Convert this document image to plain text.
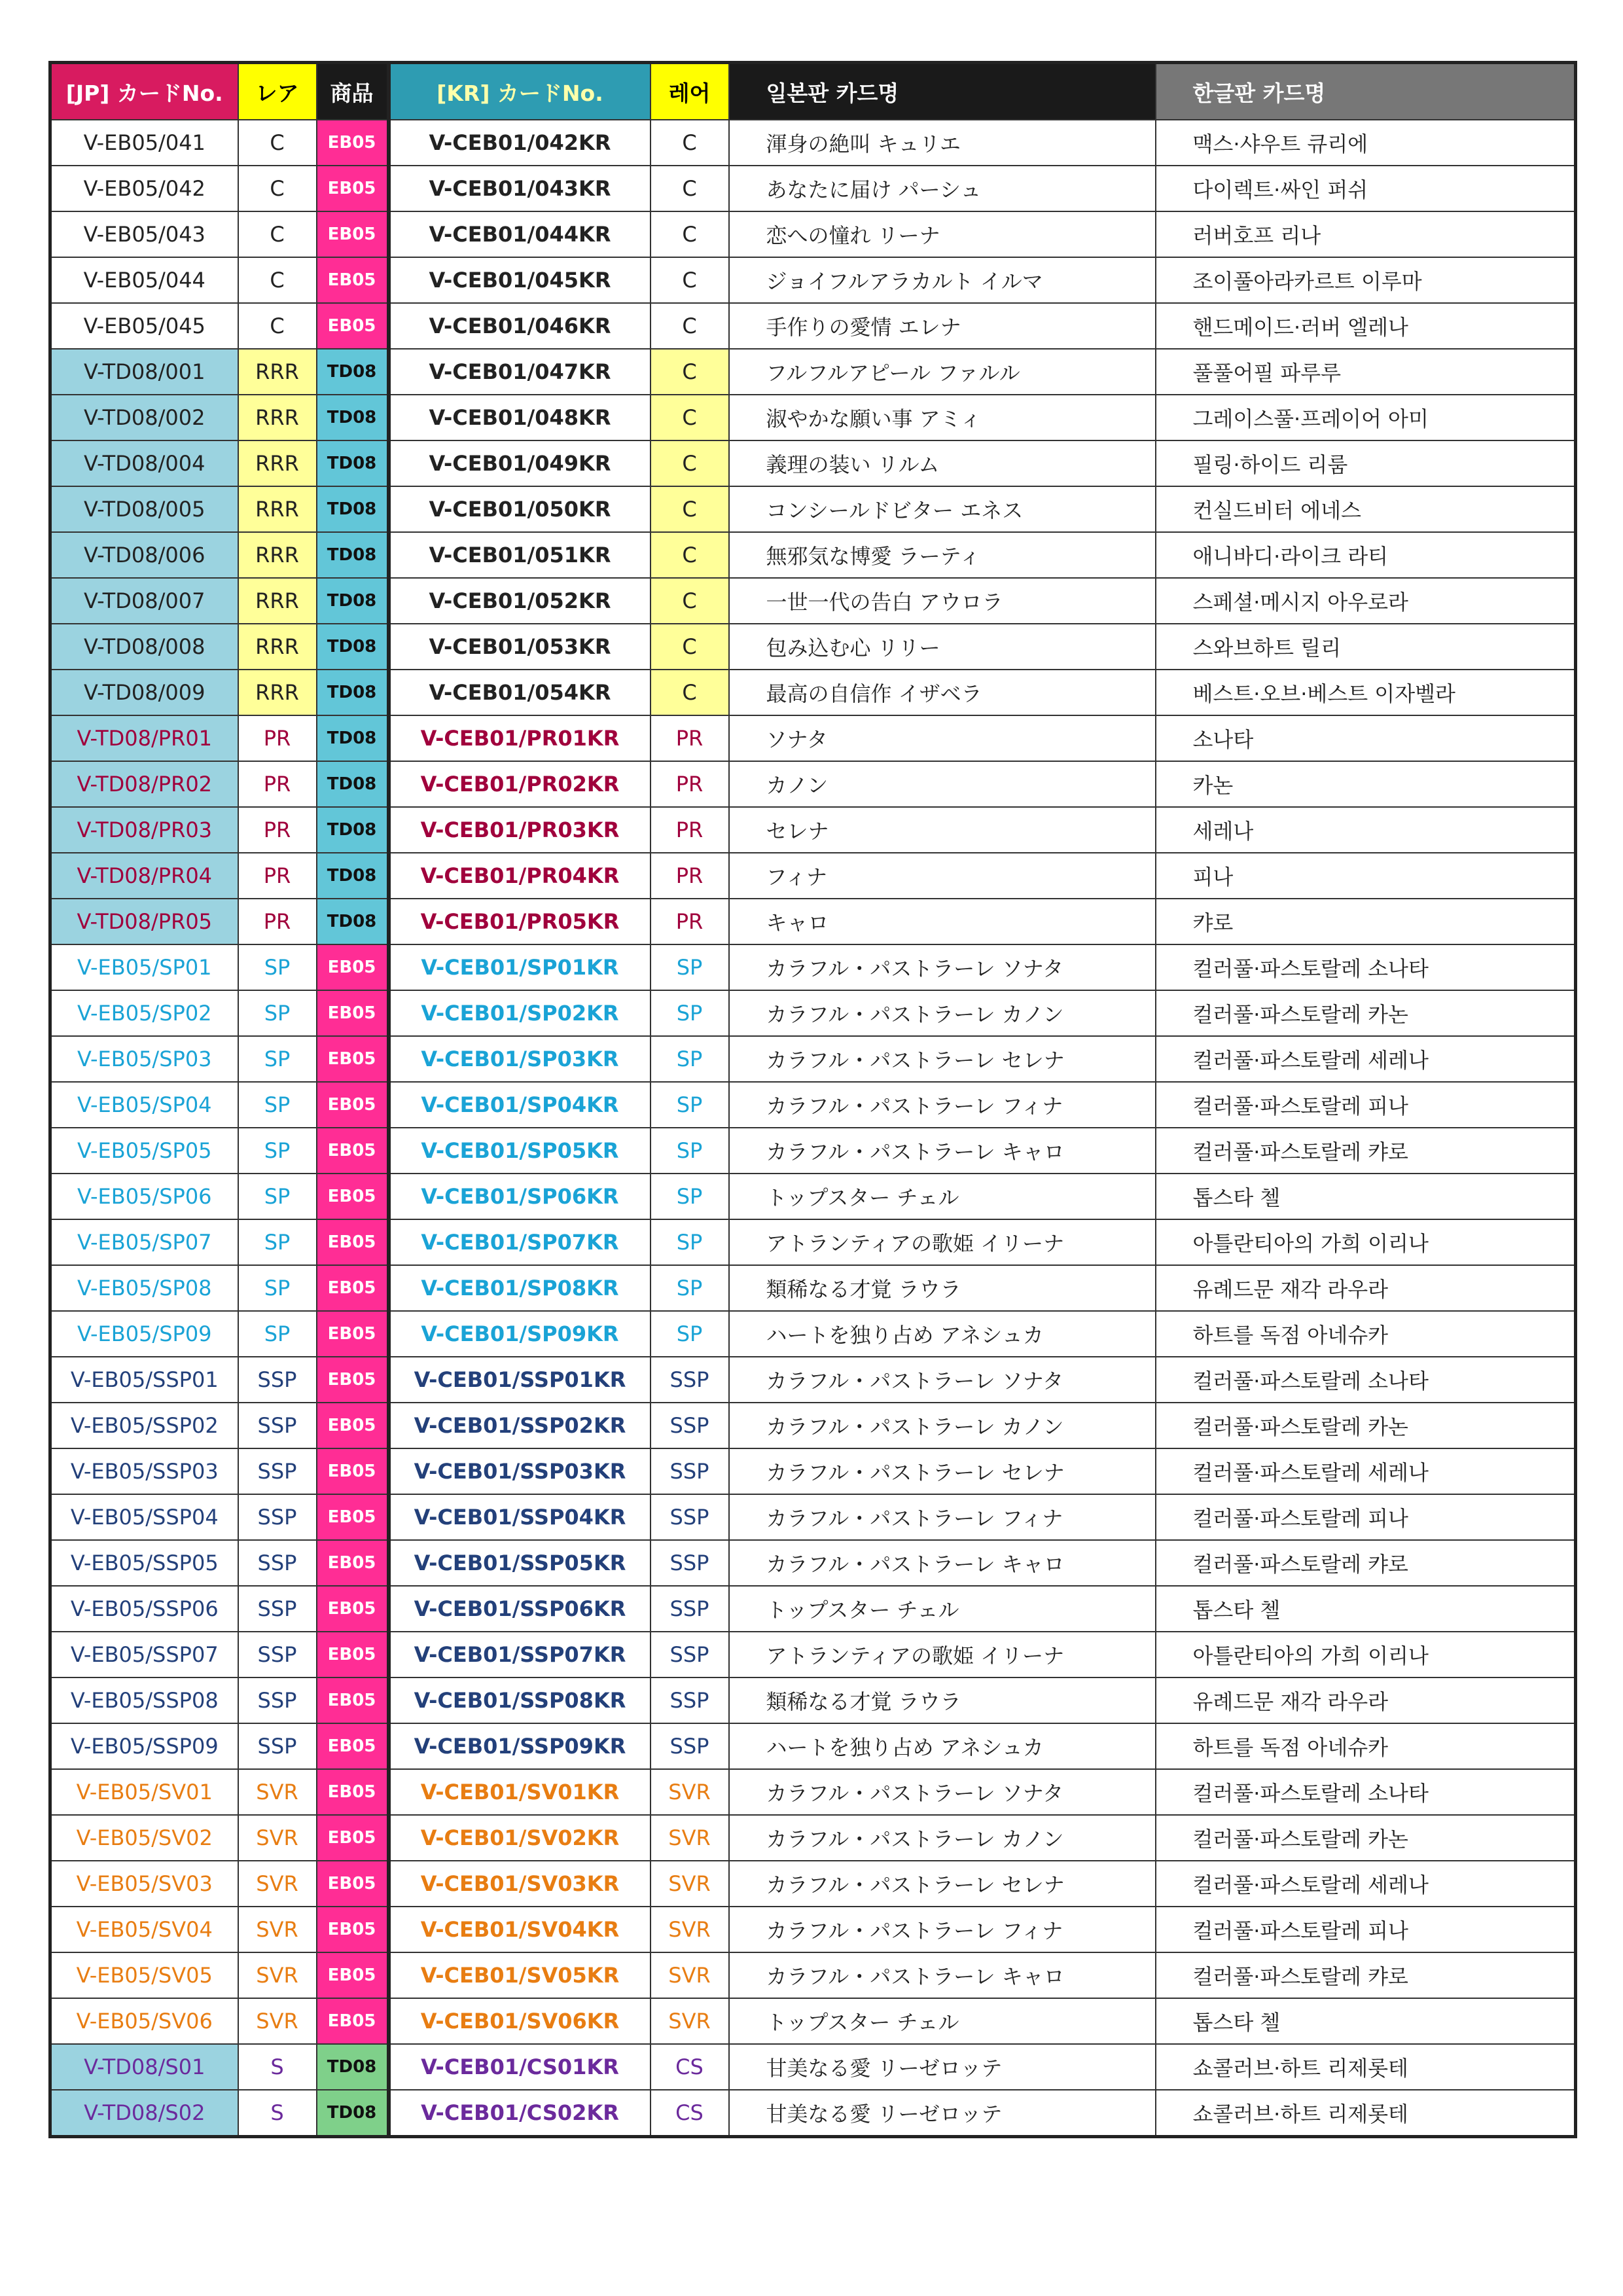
[JP] カードNo.	レア	商品	[KR] カードNo.	레어	일본판 카드명	한글판 카드명
V-EB05/041	C	EB05	V-CEB01/042KR	C	渾身の絶叫 キュリエ	맥스·샤우트 큐리에
V-EB05/042	C	EB05	V-CEB01/043KR	C	あなたに届け パーシュ	다이렉트·싸인 퍼쉬
V-EB05/043	C	EB05	V-CEB01/044KR	C	恋への憧れ リーナ	러버호프 리나
V-EB05/044	C	EB05	V-CEB01/045KR	C	ジョイフルアラカルト イルマ	조이풀아라카르트 이루마
V-EB05/045	C	EB05	V-CEB01/046KR	C	手作りの愛情 エレナ	핸드메이드·러버 엘레나
V-TD08/001	RRR	TD08	V-CEB01/047KR	C	フルフルアピール ファルル	풀풀어필 파루루
V-TD08/002	RRR	TD08	V-CEB01/048KR	C	淑やかな願い事 アミィ	그레이스풀·프레이어 아미
V-TD08/004	RRR	TD08	V-CEB01/049KR	C	義理の装い リルム	필링·하이드 리룸
V-TD08/005	RRR	TD08	V-CEB01/050KR	C	コンシールドビター エネス	컨실드비터 에네스
V-TD08/006	RRR	TD08	V-CEB01/051KR	C	無邪気な博愛 ラーティ	애니바디·라이크 라티
V-TD08/007	RRR	TD08	V-CEB01/052KR	C	一世一代の告白 アウロラ	스페셜·메시지 아우로라
V-TD08/008	RRR	TD08	V-CEB01/053KR	C	包み込む心 リリー	스와브하트 릴리
V-TD08/009	RRR	TD08	V-CEB01/054KR	C	最高の自信作 イザベラ	베스트·오브·베스트 이자벨라
V-TD08/PR01	PR	TD08	V-CEB01/PR01KR	PR	ソナタ	소나타
V-TD08/PR02	PR	TD08	V-CEB01/PR02KR	PR	カノン	카논
V-TD08/PR03	PR	TD08	V-CEB01/PR03KR	PR	セレナ	세레나
V-TD08/PR04	PR	TD08	V-CEB01/PR04KR	PR	フィナ	피나
V-TD08/PR05	PR	TD08	V-CEB01/PR05KR	PR	キャロ	캬로
V-EB05/SP01	SP	EB05	V-CEB01/SP01KR	SP	カラフル・パストラーレ ソナタ	컬러풀·파스토랄레 소나타
V-EB05/SP02	SP	EB05	V-CEB01/SP02KR	SP	カラフル・パストラーレ カノン	컬러풀·파스토랄레 카논
V-EB05/SP03	SP	EB05	V-CEB01/SP03KR	SP	カラフル・パストラーレ セレナ	컬러풀·파스토랄레 세레나
V-EB05/SP04	SP	EB05	V-CEB01/SP04KR	SP	カラフル・パストラーレ フィナ	컬러풀·파스토랄레 피나
V-EB05/SP05	SP	EB05	V-CEB01/SP05KR	SP	カラフル・パストラーレ キャロ	컬러풀·파스토랄레 캬로
V-EB05/SP06	SP	EB05	V-CEB01/SP06KR	SP	トップスター チェル	톱스타 첼
V-EB05/SP07	SP	EB05	V-CEB01/SP07KR	SP	アトランティアの歌姫 イリーナ	아틀란티아의 가희 이리나
V-EB05/SP08	SP	EB05	V-CEB01/SP08KR	SP	類稀なる才覚 ラウラ	유례드문 재각 라우라
V-EB05/SP09	SP	EB05	V-CEB01/SP09KR	SP	ハートを独り占め アネシュカ	하트를 독점 아네슈카
V-EB05/SSP01	SSP	EB05	V-CEB01/SSP01KR	SSP	カラフル・パストラーレ ソナタ	컬러풀·파스토랄레 소나타
V-EB05/SSP02	SSP	EB05	V-CEB01/SSP02KR	SSP	カラフル・パストラーレ カノン	컬러풀·파스토랄레 카논
V-EB05/SSP03	SSP	EB05	V-CEB01/SSP03KR	SSP	カラフル・パストラーレ セレナ	컬러풀·파스토랄레 세레나
V-EB05/SSP04	SSP	EB05	V-CEB01/SSP04KR	SSP	カラフル・パストラーレ フィナ	컬러풀·파스토랄레 피나
V-EB05/SSP05	SSP	EB05	V-CEB01/SSP05KR	SSP	カラフル・パストラーレ キャロ	컬러풀·파스토랄레 캬로
V-EB05/SSP06	SSP	EB05	V-CEB01/SSP06KR	SSP	トップスター チェル	톱스타 첼
V-EB05/SSP07	SSP	EB05	V-CEB01/SSP07KR	SSP	アトランティアの歌姫 イリーナ	아틀란티아의 가희 이리나
V-EB05/SSP08	SSP	EB05	V-CEB01/SSP08KR	SSP	類稀なる才覚 ラウラ	유례드문 재각 라우라
V-EB05/SSP09	SSP	EB05	V-CEB01/SSP09KR	SSP	ハートを独り占め アネシュカ	하트를 독점 아네슈카
V-EB05/SV01	SVR	EB05	V-CEB01/SV01KR	SVR	カラフル・パストラーレ ソナタ	컬러풀·파스토랄레 소나타
V-EB05/SV02	SVR	EB05	V-CEB01/SV02KR	SVR	カラフル・パストラーレ カノン	컬러풀·파스토랄레 카논
V-EB05/SV03	SVR	EB05	V-CEB01/SV03KR	SVR	カラフル・パストラーレ セレナ	컬러풀·파스토랄레 세레나
V-EB05/SV04	SVR	EB05	V-CEB01/SV04KR	SVR	カラフル・パストラーレ フィナ	컬러풀·파스토랄레 피나
V-EB05/SV05	SVR	EB05	V-CEB01/SV05KR	SVR	カラフル・パストラーレ キャロ	컬러풀·파스토랄레 캬로
V-EB05/SV06	SVR	EB05	V-CEB01/SV06KR	SVR	トップスター チェル	톱스타 첼
V-TD08/S01	S	TD08	V-CEB01/CS01KR	CS	甘美なる愛 リーゼロッテ	쇼콜러브·하트 리제롯테
V-TD08/S02	S	TD08	V-CEB01/CS02KR	CS	甘美なる愛 リーゼロッテ	쇼콜러브·하트 리제롯테
